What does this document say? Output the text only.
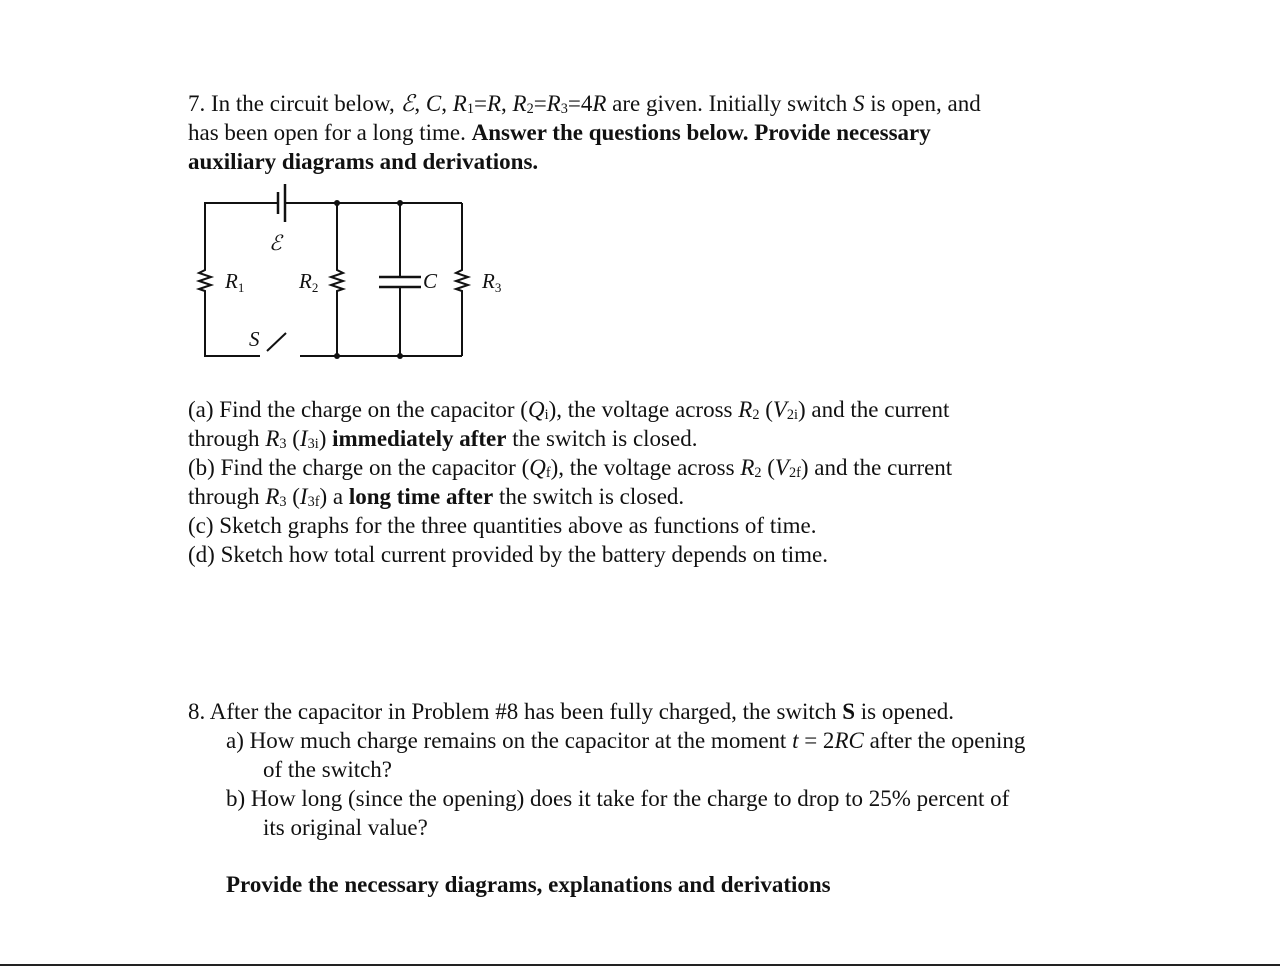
7. In the circuit below, ℰ, C, $R_1=R$, $R_2=R_3=4R$ are given. Initially switch S is open, and
has been open for a long time. Answer the questions below. Provide necessary
auxiliary diagrams and derivations.
ℰ
R1	R2	C R3
S
(a) Find the charge on the capacitor $(Q_i)$, the voltage across $R_2$ $(V_{2i})$ and the current
through $R_3$ $(I_{3i})$ immediately after the switch is closed.
(b) Find the charge on the capacitor $(Q_f)$, the voltage across $R_2$ $(V_{2f})$ and the current
through $R_3$ $(I_{3f})$ a long time after the switch is closed.
(c) Sketch graphs for the three quantities above as functions of time.
(d) Sketch how total current provided by the battery depends on time.
8. After the capacitor in Problem #8 has been fully charged, the switch S is opened.
a) How much charge remains on the capacitor at the moment t = 2RC after the opening
of the switch?
b) How long (since the opening) does it take for the charge to drop to 25% percent of
its original value?
Provide the necessary diagrams, explanations and derivations
